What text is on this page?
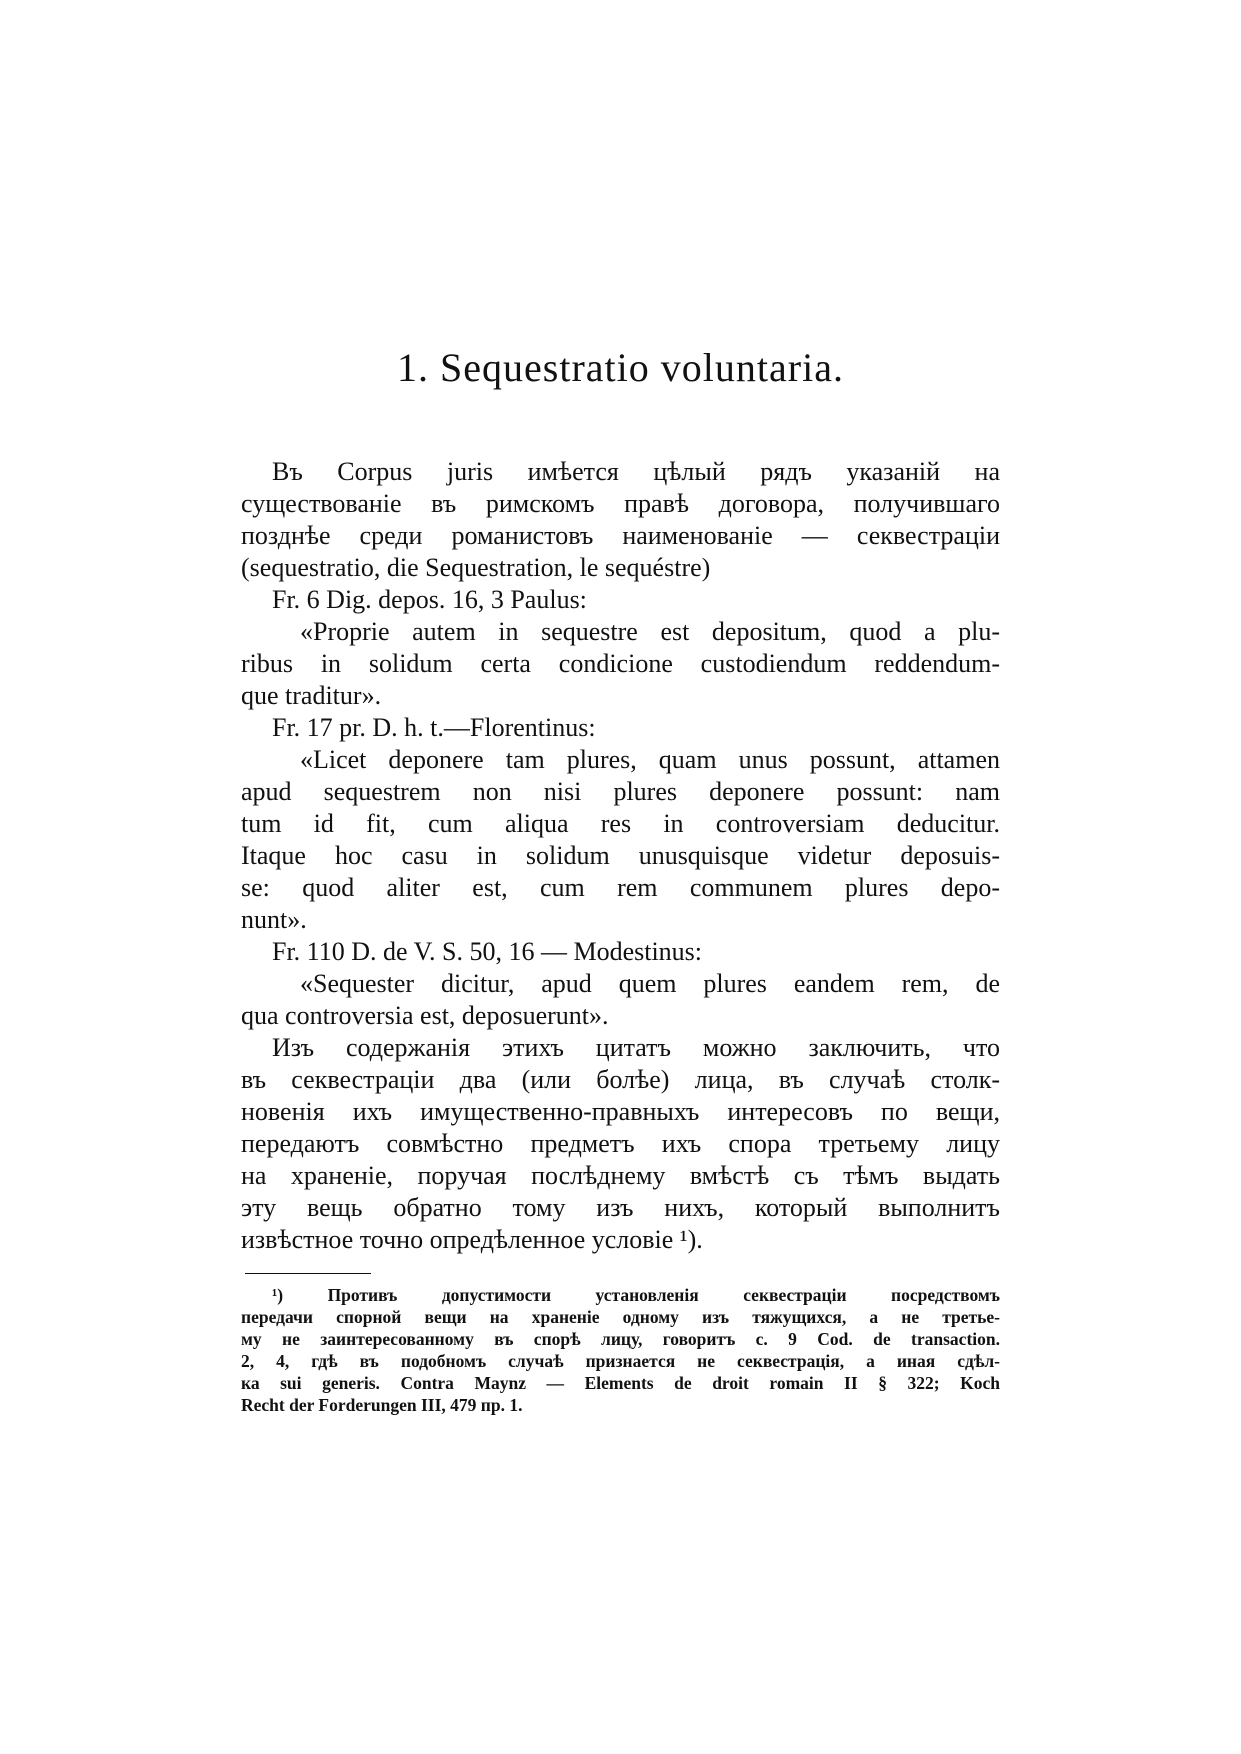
1. Sequestratio voluntaria.
Въ Corpus juris имѣется цѣлый рядъ указаній на
существованіе въ римскомъ правѣ договора, получившаго
позднѣе среди романистовъ наименованіе — секвестраціи
(sequestratio, die Sequestration, le sequéstre)
Fr. 6 Dig. depos. 16, 3 Paulus:
«Proprie autem in sequestre est depositum, quod a plu-
ribus in solidum certa condicione custodiendum reddendum-
que traditur».
Fr. 17 pr. D. h. t.—Florentinus:
«Licet deponere tam plures, quam unus possunt, attamen
apud sequestrem non nisi plures deponere possunt: nam
tum id fit, cum aliqua res in controversiam deducitur.
Itaque hoc casu in solidum unusquisque videtur deposuis-
se: quod aliter est, cum rem communem plures depo-
nunt».
Fr. 110 D. de V. S. 50, 16 — Modestinus:
«Sequester dicitur, apud quem plures eandem rem, de
qua controversia est, deposuerunt».
Изъ содержанія этихъ цитатъ можно заключить, что
въ секвестраціи два (или болѣе) лица, въ случаѣ столк-
новенія ихъ имущественно-правныхъ интересовъ по вещи,
передаютъ совмѣстно предметъ ихъ спора третьему лицу
на храненіе, поручая послѣднему вмѣстѣ съ тѣмъ выдать
эту вещь обратно тому изъ нихъ, который выполнитъ
извѣстное точно опредѣленное условіе ¹).
¹) Противъ допустимости установленія секвестраціи посредствомъ
передачи спорной вещи на храненіе одному изъ тяжущихся, а не третье-
му не заинтересованному въ спорѣ лицу, говоритъ c. 9 Cod. de transaction.
2, 4, гдѣ въ подобномъ случаѣ признается не секвестрація, а иная сдѣл-
ка sui generis. Contra Maynz — Elements de droit romain II § 322; Koch
Recht der Forderungen III, 479 пр. 1.
